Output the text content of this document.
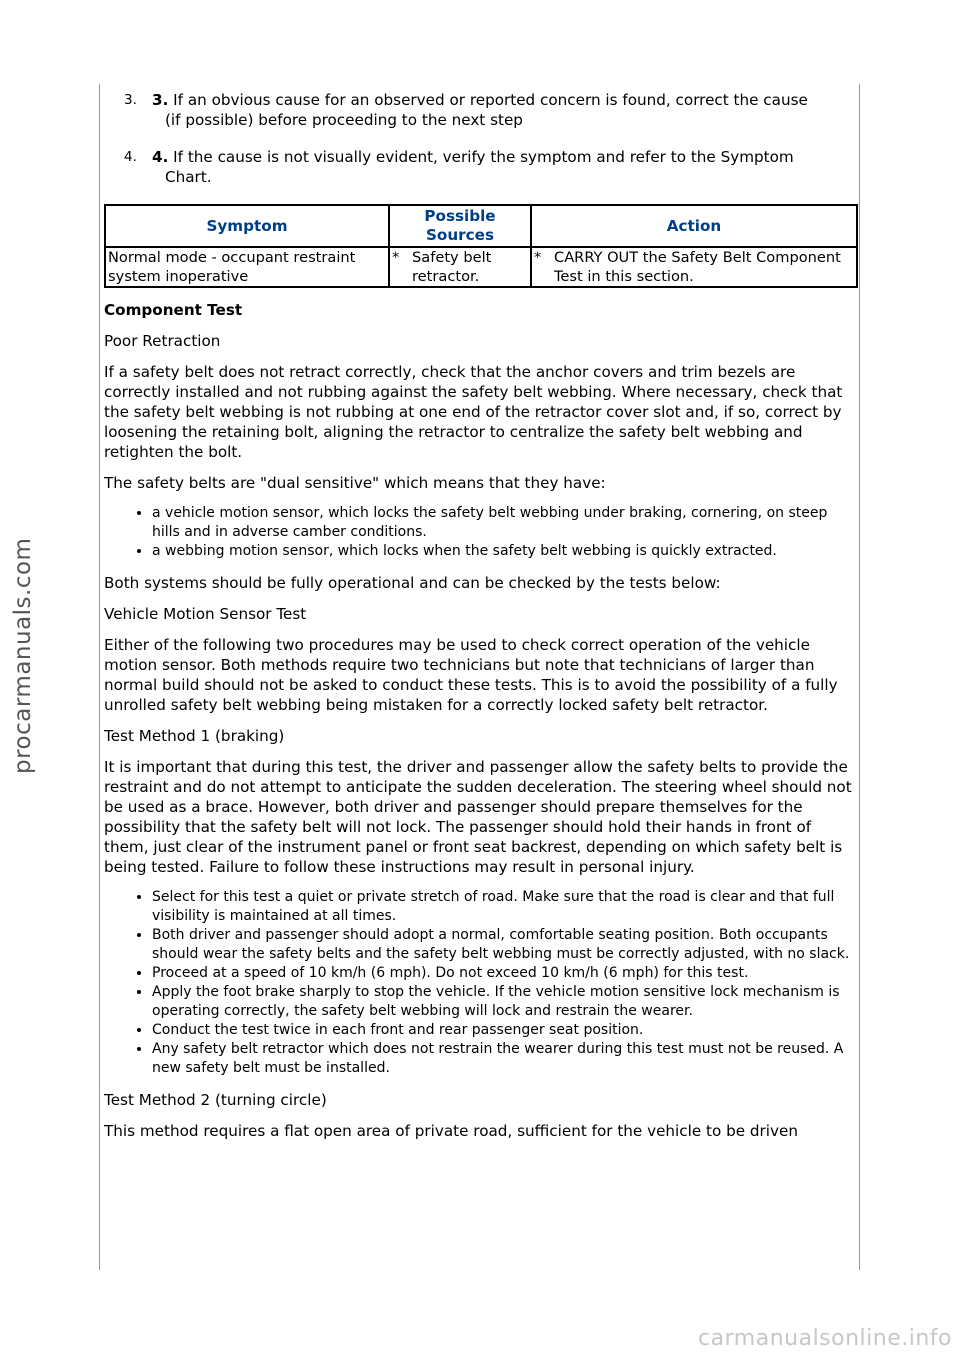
3. 3. If an obvious cause for an observed or reported concern is found, correct the cause
(if possible) before proceeding to the next step
4. 4. If the cause is not visually evident, verify the symptom and refer to the Symptom
Chart.
Symptom	Possible Sources	Action
Normal mode - occupant restraint system inoperative	* Safety belt retractor.	* CARRY OUT the Safety Belt Component Test in this section.

Component Test

Poor Retraction

If a safety belt does not retract correctly, check that the anchor covers and trim bezels are correctly installed and not rubbing against the safety belt webbing. Where necessary, check that the safety belt webbing is not rubbing at one end of the retractor cover slot and, if so, correct by loosening the retaining bolt, aligning the retractor to centralize the safety belt webbing and retighten the bolt.

The safety belts are "dual sensitive" which means that they have:

• a vehicle motion sensor, which locks the safety belt webbing under braking, cornering, on steep hills and in adverse camber conditions.
• a webbing motion sensor, which locks when the safety belt webbing is quickly extracted.

Both systems should be fully operational and can be checked by the tests below:

Vehicle Motion Sensor Test

Either of the following two procedures may be used to check correct operation of the vehicle motion sensor. Both methods require two technicians but note that technicians of larger than normal build should not be asked to conduct these tests. This is to avoid the possibility of a fully unrolled safety belt webbing being mistaken for a correctly locked safety belt retractor.

Test Method 1 (braking)

It is important that during this test, the driver and passenger allow the safety belts to provide the restraint and do not attempt to anticipate the sudden deceleration. The steering wheel should not be used as a brace. However, both driver and passenger should prepare themselves for the possibility that the safety belt will not lock. The passenger should hold their hands in front of them, just clear of the instrument panel or front seat backrest, depending on which safety belt is being tested. Failure to follow these instructions may result in personal injury.

• Select for this test a quiet or private stretch of road. Make sure that the road is clear and that full visibility is maintained at all times.
• Both driver and passenger should adopt a normal, comfortable seating position. Both occupants should wear the safety belts and the safety belt webbing must be correctly adjusted, with no slack.
• Proceed at a speed of 10 km/h (6 mph). Do not exceed 10 km/h (6 mph) for this test.
• Apply the foot brake sharply to stop the vehicle. If the vehicle motion sensitive lock mechanism is operating correctly, the safety belt webbing will lock and restrain the wearer.
• Conduct the test twice in each front and rear passenger seat position.
• Any safety belt retractor which does not restrain the wearer during this test must not be reused. A new safety belt must be installed.

Test Method 2 (turning circle)

This method requires a flat open area of private road, sufficient for the vehicle to be driven

procarmanuals.com
carmanualsonline.info
